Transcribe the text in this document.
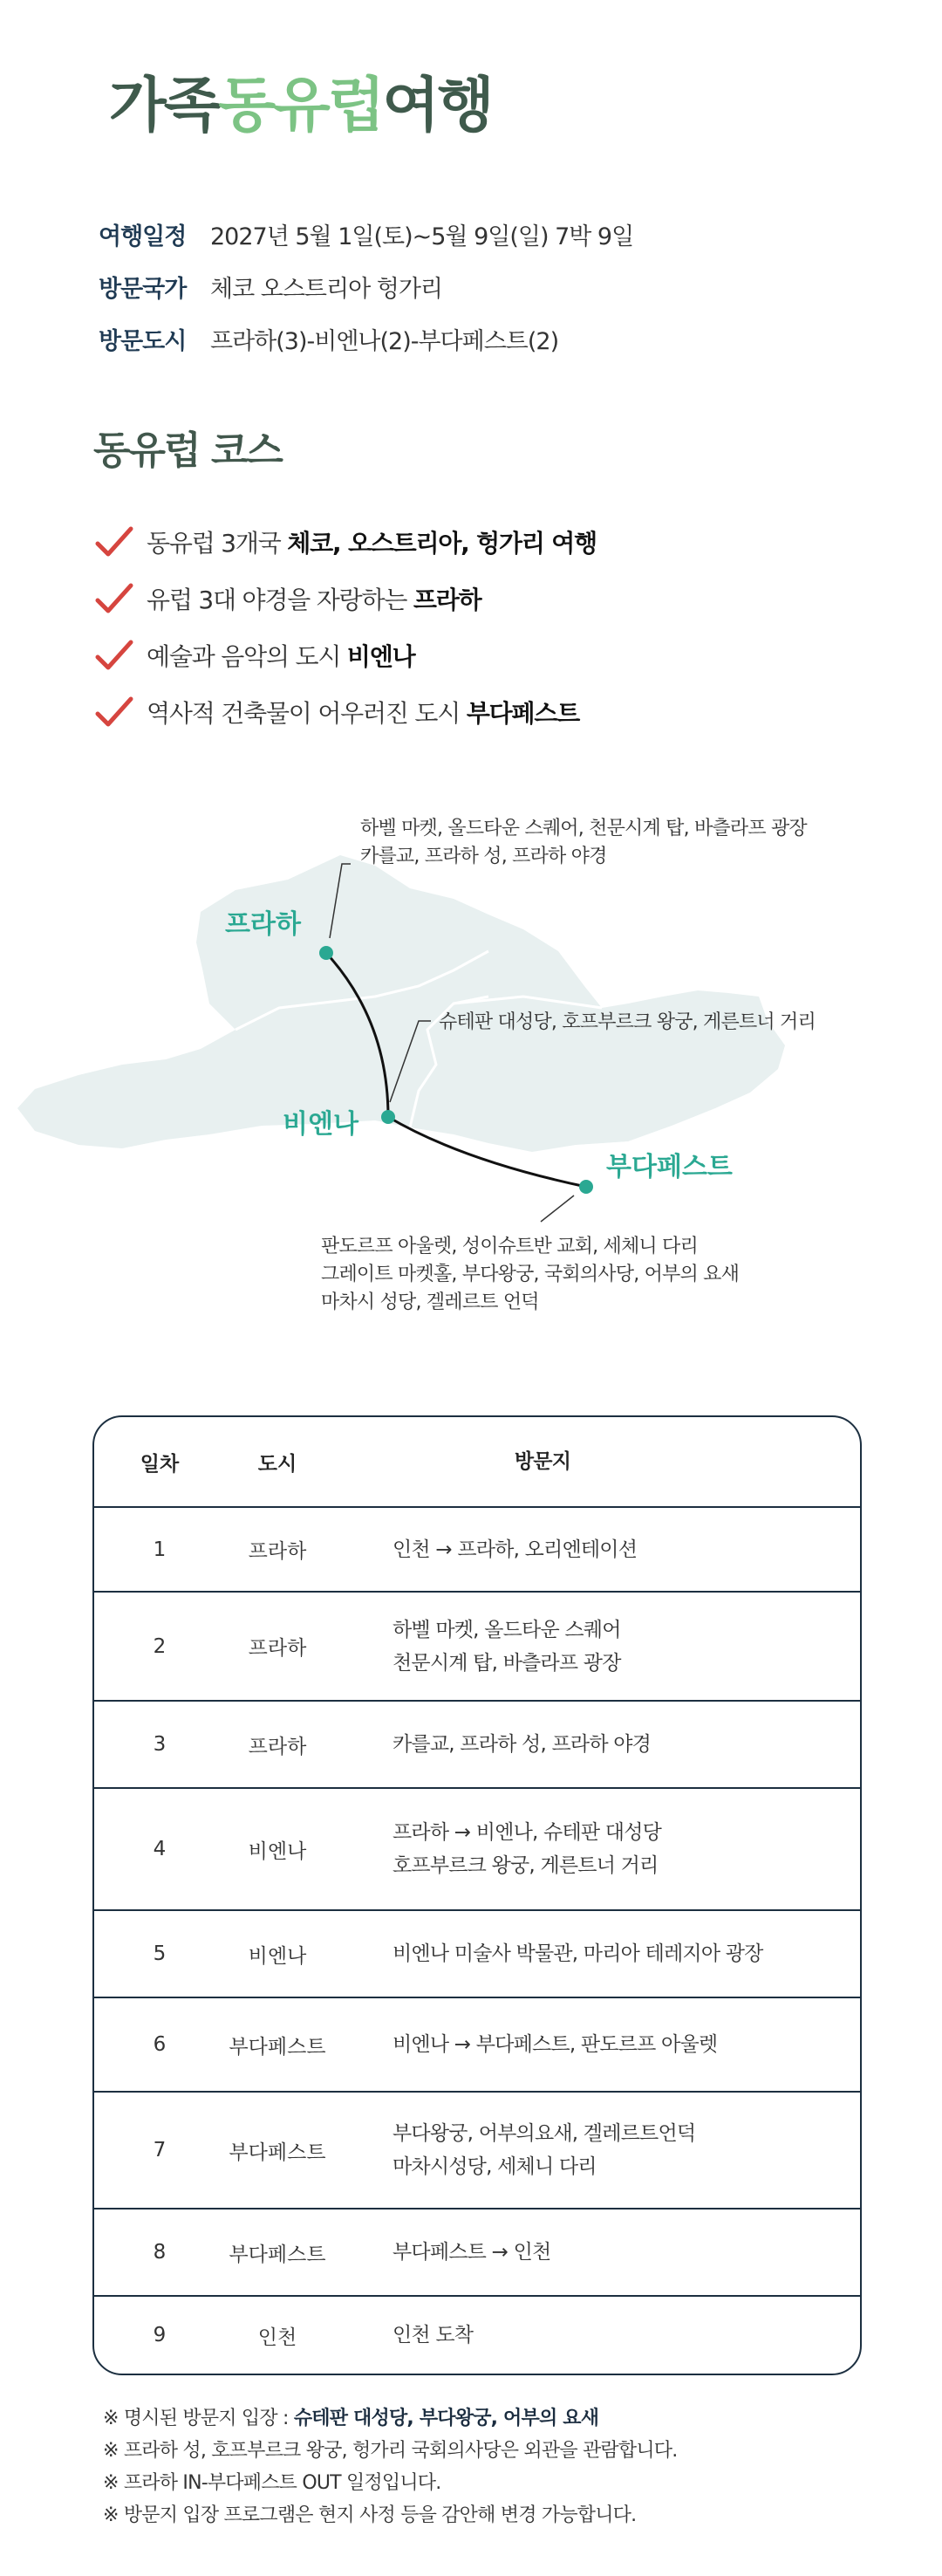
가족동유럽여행
여행일정	2027년 5월 1일(토)~5월 9일(일) 7박 9일
방문국가	체코 오스트리아 헝가리
방문도시	프라하(3)-비엔나(2)-부다페스트(2)
동유럽 코스
동유럽 3개국 체코, 오스트리아, 헝가리 여행
유럽 3대 야경을 자랑하는 프라하
예술과 음악의 도시 비엔나
역사적 건축물이 어우러진 도시 부다페스트
프라하
비엔나
부다페스트
하벨 마켓, 올드타운 스퀘어, 천문시계 탑, 바츨라프 광장
카를교, 프라하 성, 프라하 야경
슈테판 대성당, 호프부르크 왕궁, 게른트너 거리
판도르프 아울렛, 성이슈트반 교회, 세체니 다리
그레이트 마켓홀, 부다왕궁, 국회의사당, 어부의 요새
마차시 성당, 겔레르트 언덕
일차	도시	방문지
1	프라하	인천 → 프라하, 오리엔테이션
2	프라하
하벨 마켓, 올드타운 스퀘어
천문시계 탑, 바츨라프 광장
3	프라하	카를교, 프라하 성, 프라하 야경
4	비엔나
프라하 → 비엔나, 슈테판 대성당
호프부르크 왕궁, 게른트너 거리
5	비엔나	비엔나 미술사 박물관, 마리아 테레지아 광장
6	부다페스트	비엔나 → 부다페스트, 판도르프 아울렛
7	부다페스트
부다왕궁, 어부의요새, 겔레르트언덕
마차시성당, 세체니 다리
8	부다페스트	부다페스트 → 인천
9	인천	인천 도착
※ 명시된 방문지 입장 : 슈테판 대성당, 부다왕궁, 어부의 요새
※ 프라하 성, 호프부르크 왕궁, 헝가리 국회의사당은 외관을 관람합니다.
※ 프라하 IN-부다페스트 OUT 일정입니다.
※ 방문지 입장 프로그램은 현지 사정 등을 감안해 변경 가능합니다.
